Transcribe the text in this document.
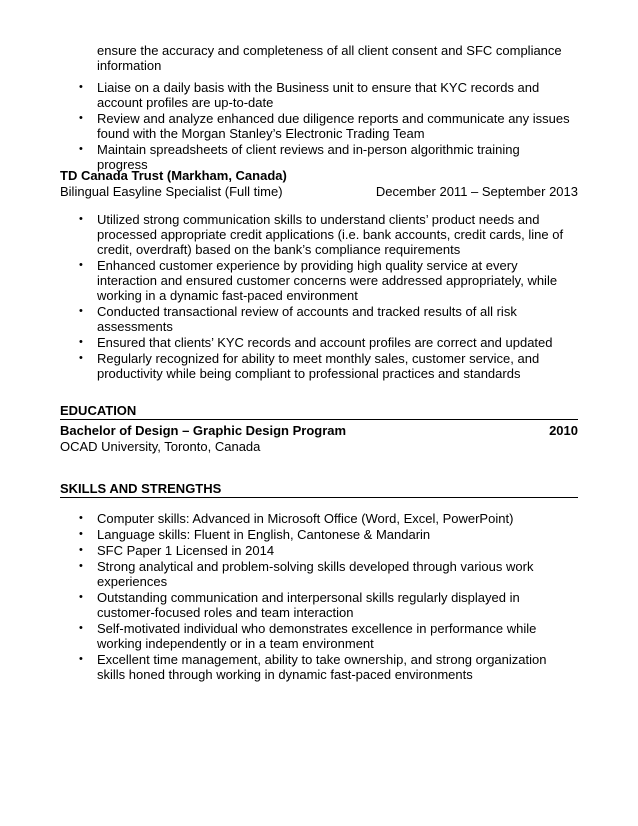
ensure the accuracy and completeness of all client consent and SFC compliance
information
• Liaise on a daily basis with the Business unit to ensure that KYC records and account profiles are up-to-date
• Review and analyze enhanced due diligence reports and communicate any issues found with the Morgan Stanley’s Electronic Trading Team
• Maintain spreadsheets of client reviews and in-person algorithmic training progress
TD Canada Trust (Markham, Canada)
Bilingual Easyline Specialist (Full time)	December 2011 – September 2013
• Utilized strong communication skills to understand clients’ product needs and processed appropriate credit applications (i.e. bank accounts, credit cards, line of credit, overdraft) based on the bank’s compliance requirements
• Enhanced customer experience by providing high quality service at every interaction and ensured customer concerns were addressed appropriately, while working in a dynamic fast-paced environment
• Conducted transactional review of accounts and tracked results of all risk assessments
• Ensured that clients’ KYC records and account profiles are correct and updated
• Regularly recognized for ability to meet monthly sales, customer service, and productivity while being compliant to professional practices and standards
EDUCATION
Bachelor of Design – Graphic Design Program	2010
OCAD University, Toronto, Canada
SKILLS AND STRENGTHS
• Computer skills: Advanced in Microsoft Office (Word, Excel, PowerPoint)
• Language skills: Fluent in English, Cantonese & Mandarin
• SFC Paper 1 Licensed in 2014
• Strong analytical and problem-solving skills developed through various work experiences
• Outstanding communication and interpersonal skills regularly displayed in customer-focused roles and team interaction
• Self-motivated individual who demonstrates excellence in performance while working independently or in a team environment
• Excellent time management, ability to take ownership, and strong organization skills honed through working in dynamic fast-paced environments
